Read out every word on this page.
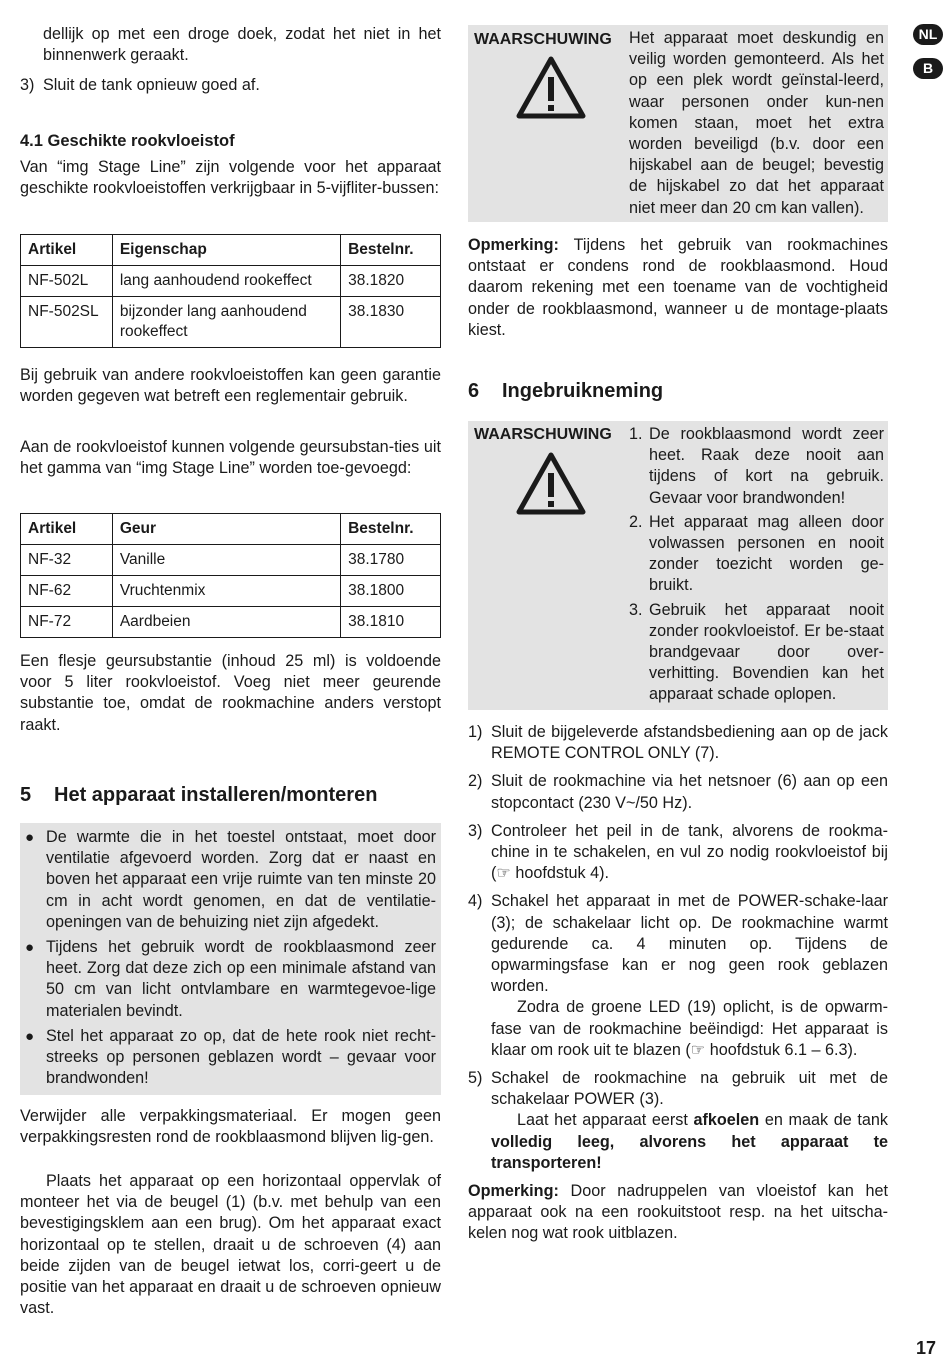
dellijk op met een droge doek, zodat het niet in het binnenwerk geraakt.
3) Sluit de tank opnieuw goed af.
4.1 Geschikte rookvloeistof

Van “img Stage Line” zijn volgende voor het apparaat geschikte rookvloeistoffen verkrijgbaar in 5-vijfliter-bussen:

Artikel	Eigenschap	Bestelnr.
NF-502L	lang aanhoudend rookeffect	38.1820
NF-502SL	bijzonder lang aanhoudend rookeffect	38.1830

Bij gebruik van andere rookvloeistoffen kan geen garantie worden gegeven wat betreft een reglementair gebruik.

Aan de rookvloeistof kunnen volgende geursubstan-ties uit het gamma van “img Stage Line” worden toe-gevoegd:

Artikel	Geur	Bestelnr.
NF-32	Vanille	38.1780
NF-62	Vruchtenmix	38.1800
NF-72	Aardbeien	38.1810

Een flesje geursubstantie (inhoud 25 ml) is voldoende voor 5 liter rookvloeistof. Voeg niet meer geurende substantie toe, omdat de rookmachine anders verstopt raakt.

5 Het apparaat installeren/monteren
● De warmte die in het toestel ontstaat, moet door ventilatie afgevoerd worden. Zorg dat er naast en boven het apparaat een vrije ruimte van ten minste 20 cm in acht wordt genomen, en dat de ventilatie-openingen van de behuizing niet zijn afgedekt.
● Tijdens het gebruik wordt de rookblaasmond zeer heet. Zorg dat deze zich op een minimale afstand van 50 cm van licht ontvlambare en warmtegevoe-lige materialen bevindt.
● Stel het apparaat zo op, dat de hete rook niet recht-streeks op personen geblazen wordt – gevaar voor brandwonden!

Verwijder alle verpakkingsmateriaal. Er mogen geen verpakkingsresten rond de rookblaasmond blijven lig-gen.

Plaats het apparaat op een horizontaal oppervlak of monteer het via de beugel (1) (b.v. met behulp van een bevestigingsklem aan een brug). Om het apparaat exact horizontaal op te stellen, draait u de schroeven (4) aan beide zijden van de beugel ietwat los, corri-geert u de positie van het apparaat en draait u de schroeven opnieuw vast.

WAARSCHUWING Het apparaat moet deskundig en veilig worden gemonteerd. Als het op een plek wordt geïnstal-leerd, waar personen onder kun-nen komen staan, moet het extra worden beveiligd (b.v. door een hijskabel aan de beugel; bevestig de hijskabel zo dat het apparaat niet meer dan 20 cm kan vallen).

Opmerking: Tijdens het gebruik van rookmachines ontstaat er condens rond de rookblaasmond. Houd daarom rekening met een toename van de vochtigheid onder de rookblaasmond, wanneer u de montage-plaats kiest.

6 Ingebruikneming
WAARSCHUWING 1. De rookblaasmond wordt zeer heet. Raak deze nooit aan tijdens of kort na gebruik. Gevaar voor brandwonden!
2. Het apparaat mag alleen door volwassen personen en nooit zonder toezicht worden ge-bruikt.
3. Gebruik het apparaat nooit zonder rookvloeistof. Er be-staat brandgevaar door over-verhitting. Bovendien kan het apparaat schade oplopen.
1) Sluit de bijgeleverde afstandsbediening aan op de jack REMOTE CONTROL ONLY (7).
2) Sluit de rookmachine via het netsnoer (6) aan op een stopcontact (230 V~/50 Hz).
3) Controleer het peil in de tank, alvorens de rookma-chine in te schakelen, en vul zo nodig rookvloeistof bij (☞ hoofdstuk 4).
4) Schakel het apparaat in met de POWER-schake-laar (3); de schakelaar licht op. De rookmachine warmt gedurende ca. 4 minuten op. Tijdens de opwarmingsfase kan er nog geen rook geblazen worden.

Zodra de groene LED (19) oplicht, is de opwarm-fase van de rookmachine beëindigd: Het apparaat is klaar om rook uit te blazen (☞ hoofdstuk 6.1 – 6.3).

5) Schakel de rookmachine na gebruik uit met de schakelaar POWER (3).

Laat het apparaat eerst afkoelen en maak de tank volledig leeg, alvorens het apparaat te transporteren!

Opmerking: Door nadruppelen van vloeistof kan het apparaat ook na een rookuitstoot resp. na het uitscha-kelen nog wat rook uitblazen.

NL
B
17
